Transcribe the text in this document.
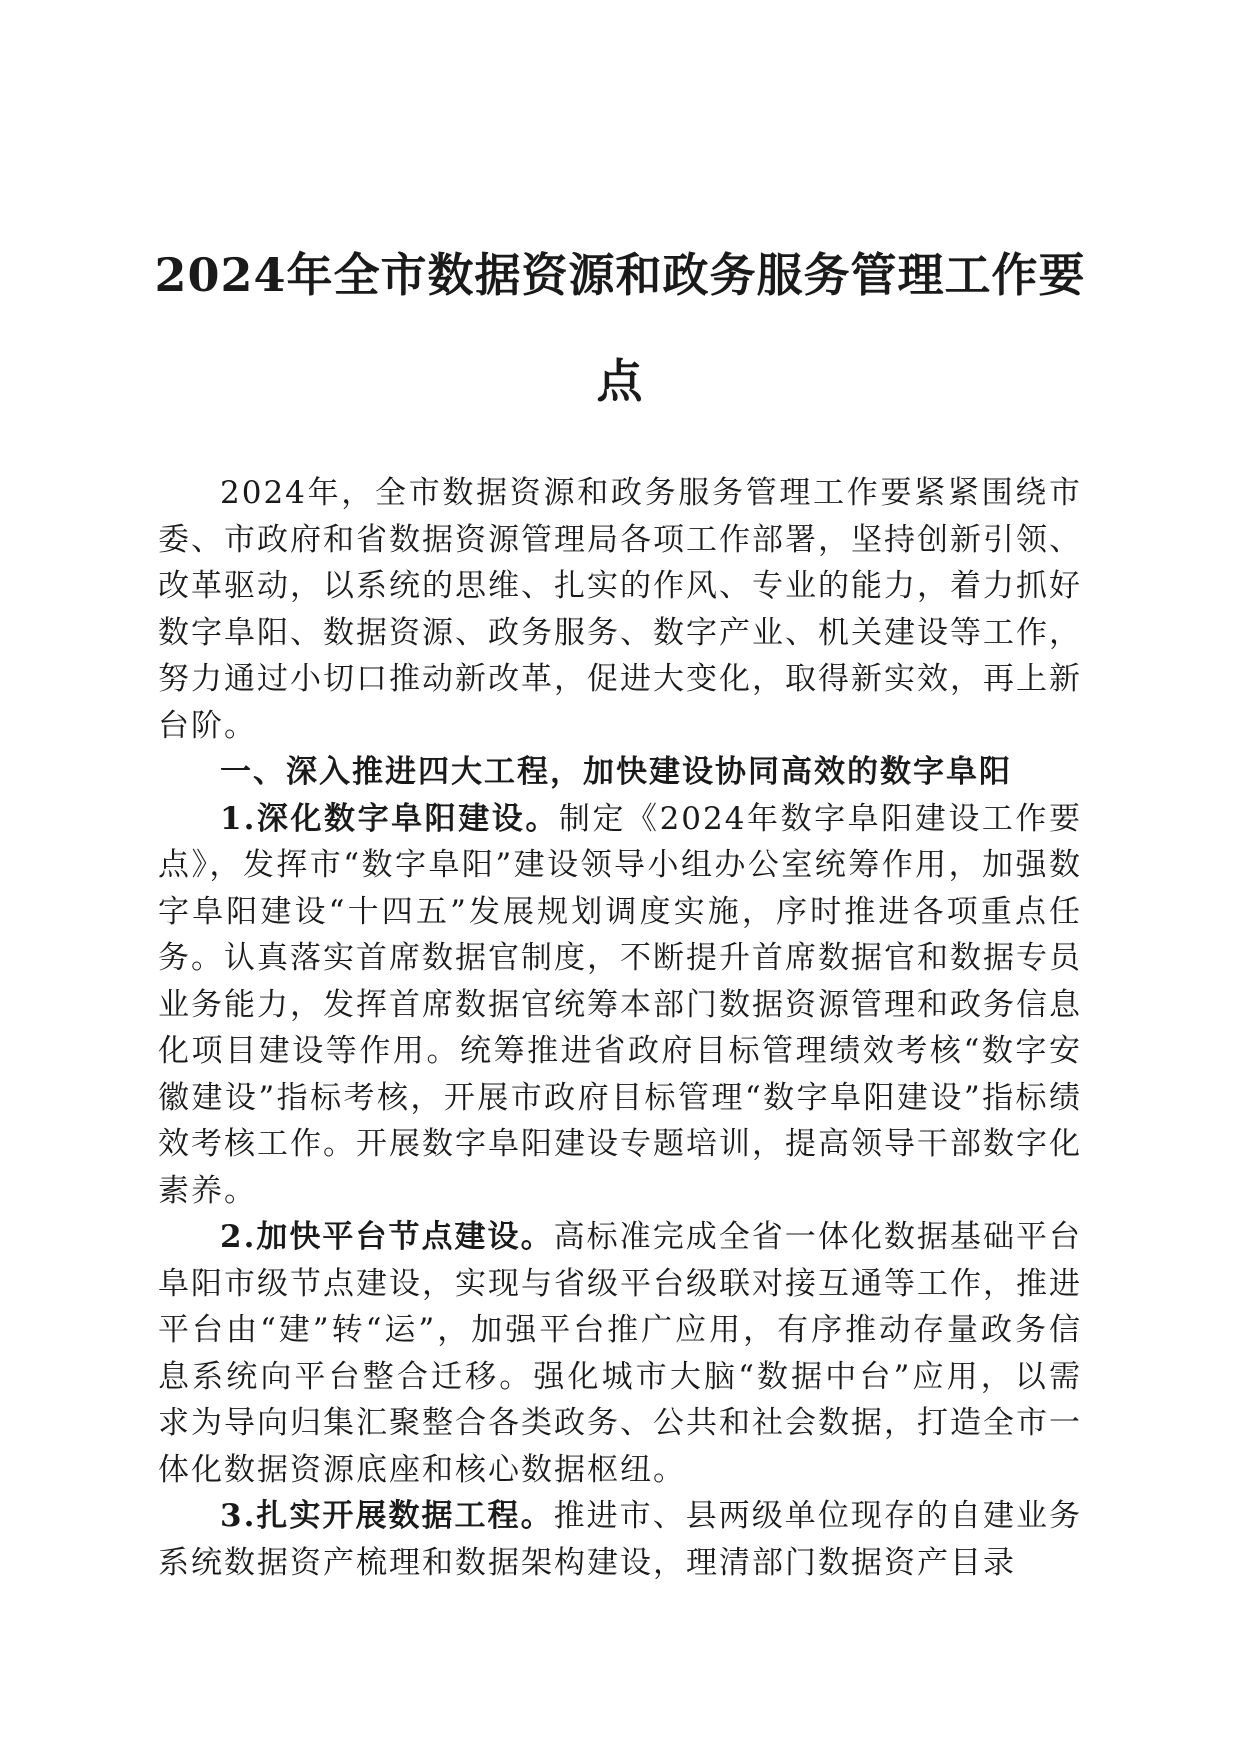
2024年全市数据资源和政务服务管理工作要点

2024年，全市数据资源和政务服务管理工作要紧紧围绕市委、市政府和省数据资源管理局各项工作部署，坚持创新引领、改革驱动，以系统的思维、扎实的作风、专业的能力，着力抓好数字阜阳、数据资源、政务服务、数字产业、机关建设等工作，努力通过小切口推动新改革，促进大变化，取得新实效，再上新台阶。

一、深入推进四大工程，加快建设协同高效的数字阜阳

1.深化数字阜阳建设。制定《2024年数字阜阳建设工作要点》，发挥市“数字阜阳”建设领导小组办公室统筹作用，加强数字阜阳建设“十四五”发展规划调度实施，序时推进各项重点任务。认真落实首席数据官制度，不断提升首席数据官和数据专员业务能力，发挥首席数据官统筹本部门数据资源管理和政务信息化项目建设等作用。统筹推进省政府目标管理绩效考核“数字安徽建设”指标考核，开展市政府目标管理“数字阜阳建设”指标绩效考核工作。开展数字阜阳建设专题培训，提高领导干部数字化素养。

2.加快平台节点建设。高标准完成全省一体化数据基础平台阜阳市级节点建设，实现与省级平台级联对接互通等工作，推进平台由“建”转“运”，加强平台推广应用，有序推动存量政务信息系统向平台整合迁移。强化城市大脑“数据中台”应用，以需求为导向归集汇聚整合各类政务、公共和社会数据，打造全市一体化数据资源底座和核心数据枢纽。

3.扎实开展数据工程。推进市、县两级单位现存的自建业务系统数据资产梳理和数据架构建设，理清部门数据资产目录
